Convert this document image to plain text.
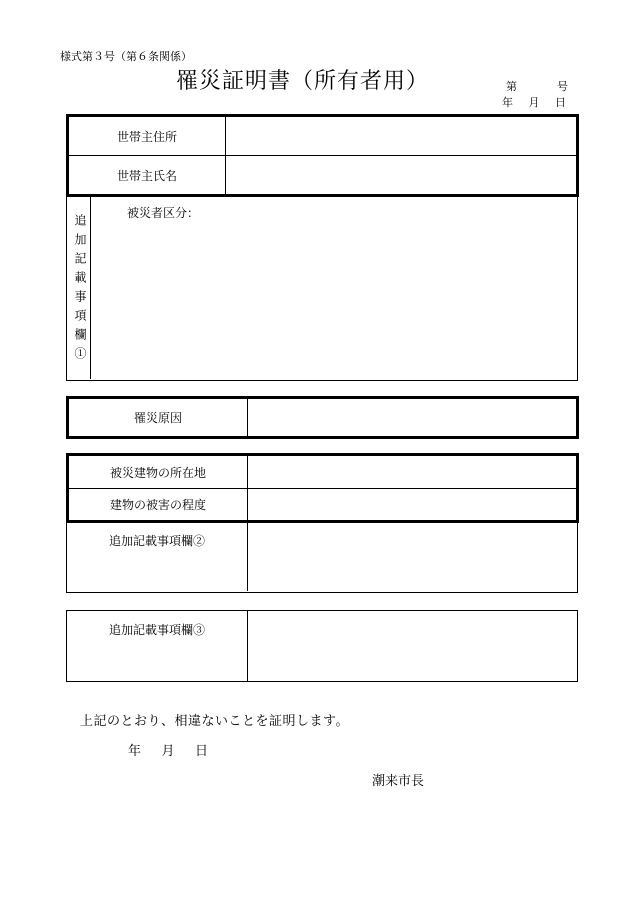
様式第３号（第６条関係）
罹災証明書（所有者用）	第	号
年 月 日
世帯主住所
世帯主氏名
追加記載事項欄①
被災者区分：
罹災原因
被災建物の所在地
建物の被害の程度
追加記載事項欄②
追加記載事項欄③
上記のとおり、相違ないことを証明します。
年 月 日
潮来市長
